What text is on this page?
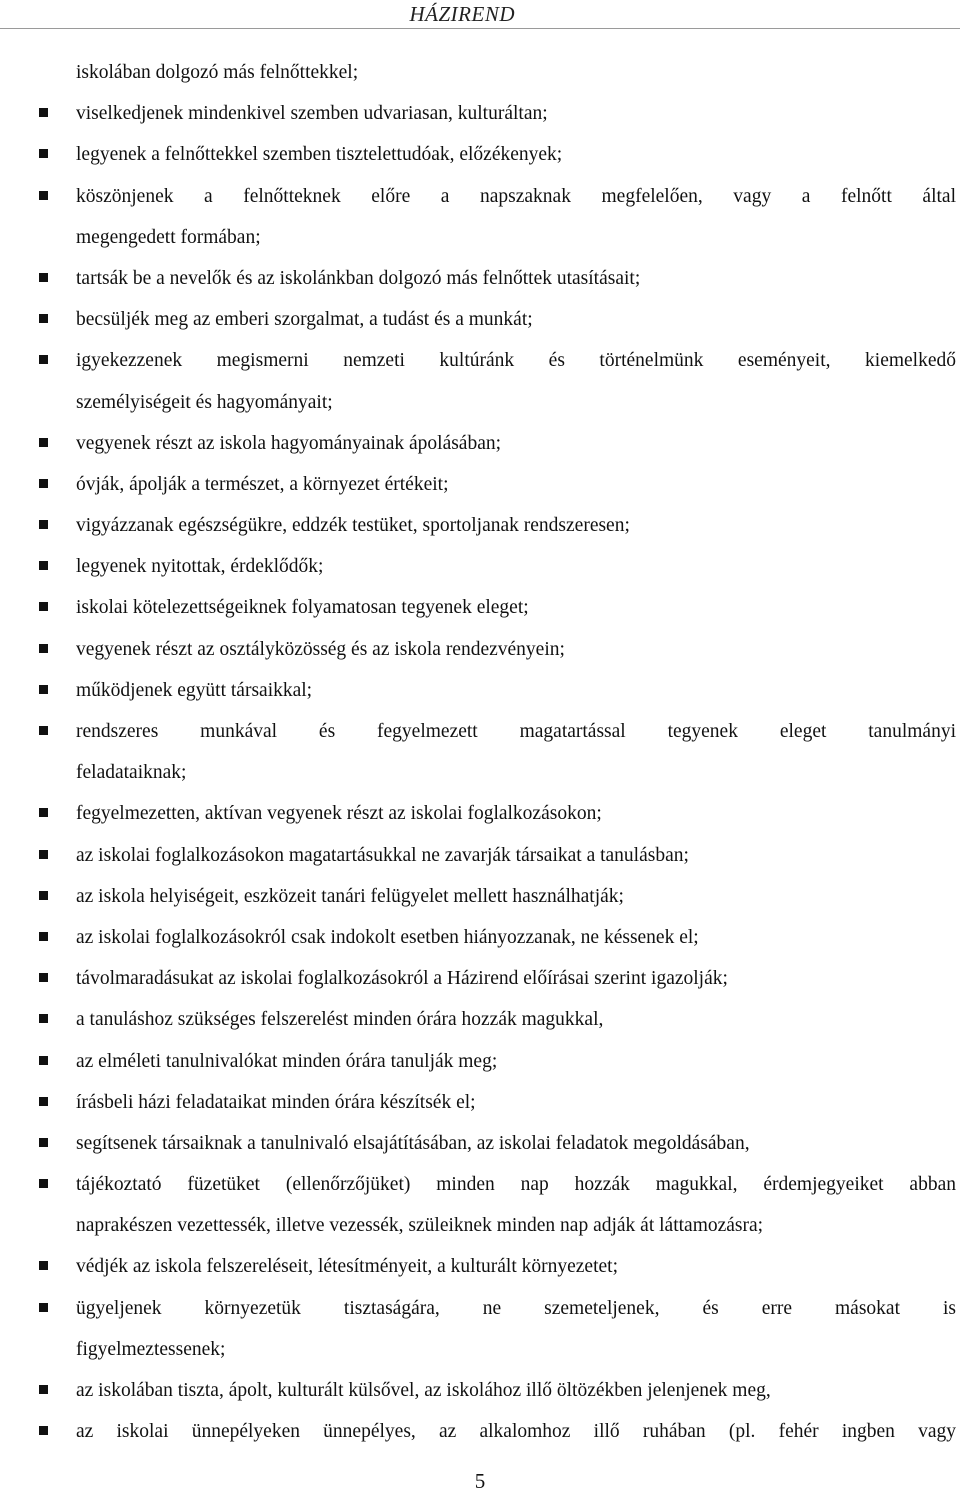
HÁZIREND
iskolában dolgozó más felnőttekkel;
viselkedjenek mindenkivel szemben udvariasan, kulturáltan;
legyenek a felnőttekkel szemben tisztelettudóak, előzékenyek;
köszönjenek a felnőtteknek előre a napszaknak megfelelően, vagy a felnőtt által
megengedett formában;
tartsák be a nevelők és az iskolánkban dolgozó más felnőttek utasításait;
becsüljék meg az emberi szorgalmat, a tudást és a munkát;
igyekezzenek megismerni nemzeti kultúránk és történelmünk eseményeit, kiemelkedő
személyiségeit és hagyományait;
vegyenek részt az iskola hagyományainak ápolásában;
óvják, ápolják a természet, a környezet értékeit;
vigyázzanak egészségükre, eddzék testüket, sportoljanak rendszeresen;
legyenek nyitottak, érdeklődők;
iskolai kötelezettségeiknek folyamatosan tegyenek eleget;
vegyenek részt az osztályközösség és az iskola rendezvényein;
működjenek együtt társaikkal;
rendszeres munkával és fegyelmezett magatartással tegyenek eleget tanulmányi
feladataiknak;
fegyelmezetten, aktívan vegyenek részt az iskolai foglalkozásokon;
az iskolai foglalkozásokon magatartásukkal ne zavarják társaikat a tanulásban;
az iskola helyiségeit, eszközeit tanári felügyelet mellett használhatják;
az iskolai foglalkozásokról csak indokolt esetben hiányozzanak, ne késsenek el;
távolmaradásukat az iskolai foglalkozásokról a Házirend előírásai szerint igazolják;
a tanuláshoz szükséges felszerelést minden órára hozzák magukkal,
az elméleti tanulnivalókat minden órára tanulják meg;
írásbeli házi feladataikat minden órára készítsék el;
segítsenek társaiknak a tanulnivaló elsajátításában, az iskolai feladatok megoldásában,
tájékoztató füzetüket (ellenőrzőjüket) minden nap hozzák magukkal, érdemjegyeiket abban
naprakészen vezettessék, illetve vezessék, szüleiknek minden nap adják át láttamozásra;
védjék az iskola felszereléseit, létesítményeit, a kulturált környezetet;
ügyeljenek környezetük tisztaságára, ne szemeteljenek, és erre másokat is
figyelmeztessenek;
az iskolában tiszta, ápolt, kulturált külsővel, az iskolához illő öltözékben jelenjenek meg,
az iskolai ünnepélyeken ünnepélyes, az alkalomhoz illő ruhában (pl. fehér ingben vagy
5
